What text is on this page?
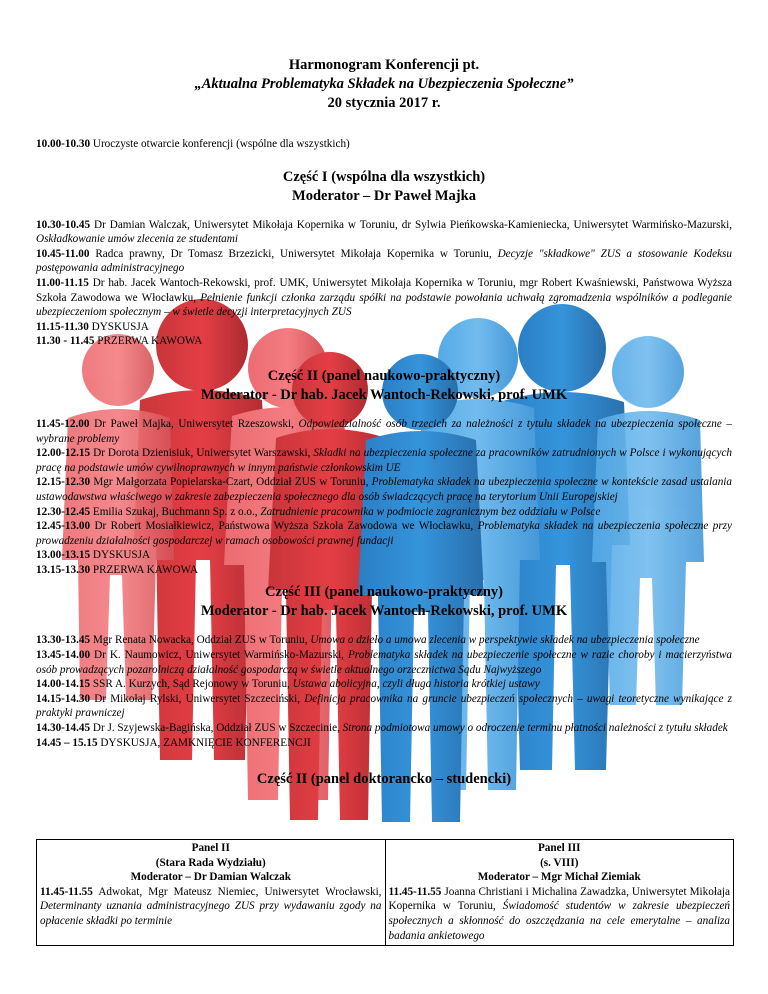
Harmonogram Konferencji pt.
„Aktualna Problematyka Składek na Ubezpieczenia Społeczne”
20 stycznia 2017 r.
10.00-10.30 Uroczyste otwarcie konferencji (wspólne dla wszystkich)
Część I (wspólna dla wszystkich)
Moderator – Dr Paweł Majka
10.30-10.45 Dr Damian Walczak, Uniwersytet Mikołaja Kopernika w Toruniu, dr Sylwia Pieńkowska-Kamieniecka, Uniwersytet Warmińsko-Mazurski, Oskładkowanie umów zlecenia ze studentami
10.45-11.00 Radca prawny, Dr Tomasz Brzezicki, Uniwersytet Mikołaja Kopernika w Toruniu, Decyzje "składkowe" ZUS a stosowanie Kodeksu postępowania administracyjnego
11.00-11.15 Dr hab. Jacek Wantoch-Rekowski, prof. UMK, Uniwersytet Mikołaja Kopernika w Toruniu, mgr Robert Kwaśniewski, Państwowa Wyższa Szkoła Zawodowa we Włocławku, Pełnienie funkcji członka zarządu spółki na podstawie powołania uchwałą zgromadzenia wspólników a podleganie ubezpieczeniom społecznym – w świetle decyzji interpretacyjnych ZUS
11.15-11.30 DYSKUSJA
11.30 - 11.45 PRZERWA KAWOWA
Część II (panel naukowo-praktyczny)
Moderator - Dr hab. Jacek Wantoch-Rekowski, prof. UMK
11.45-12.00 Dr Paweł Majka, Uniwersytet Rzeszowski, Odpowiedzialność osób trzecich za należności z tytułu składek na ubezpieczenia społeczne – wybrane problemy
12.00-12.15 Dr Dorota Dzienisiuk, Uniwersytet Warszawski, Składki na ubezpieczenia społeczne za pracowników zatrudnionych w Polsce i wykonujących pracę na podstawie umów cywilnoprawnych w innym państwie członkowskim UE
12.15-12.30 Mgr Małgorzata Popielarska-Czart, Oddział ZUS w Toruniu, Problematyka składek na ubezpieczenia społeczne w kontekście zasad ustalania ustawodawstwa właściwego w zakresie zabezpieczenia społecznego dla osób świadczących pracę na terytorium Unii Europejskiej
12.30-12.45 Emilia Szukaj, Buchmann Sp. z o.o., Zatrudnienie pracownika w podmiocie zagranicznym bez oddziału w Polsce
12.45-13.00 Dr Robert Mosiałkiewicz, Państwowa Wyższa Szkoła Zawodowa we Włocławku, Problematyka składek na ubezpieczenia społeczne przy prowadzeniu działalności gospodarczej w ramach osobowości prawnej fundacji
13.00-13.15 DYSKUSJA
13.15-13.30 PRZERWA KAWOWA
Część III (panel naukowo-praktyczny)
Moderator - Dr hab. Jacek Wantoch-Rekowski, prof. UMK
13.30-13.45 Mgr Renata Nowacka, Oddział ZUS w Toruniu, Umowa o dzieło a umowa zlecenia w perspektywie składek na ubezpieczenia społeczne
13.45-14.00 Dr K. Naumowicz, Uniwersytet Warmińsko-Mazurski, Problematyka składek na ubezpieczenie społeczne w razie choroby i macierzyństwa osób prowadzących pozarolniczą działalność gospodarczą w świetle aktualnego orzecznictwa Sądu Najwyższego
14.00-14.15 SSR A. Kurzych, Sąd Rejonowy w Toruniu, Ustawa abolicyjna, czyli długa historia krótkiej ustawy
14.15-14.30 Dr Mikołaj Rylski, Uniwersytet Szczeciński, Definicja pracownika na gruncie ubezpieczeń społecznych – uwagi teoretyczne wynikające z praktyki prawniczej
14.30-14.45 Dr J. Szyjewska-Bagińska, Oddział ZUS w Szczecinie, Strona podmiotowa umowy o odroczenie terminu płatności należności z tytułu składek
14.45 – 15.15 DYSKUSJA, ZAMKNIĘCIE KONFERENCJI
Część II (panel doktorancko – studencki)
Panel II
(Stara Rada Wydziału)
Moderator – Dr Damian Walczak
11.45-11.55 Adwokat, Mgr Mateusz Niemiec, Uniwersytet Wrocławski, Determinanty uznania administracyjnego ZUS przy wydawaniu zgody na opłacenie składki po terminie
Panel III
(s. VIII)
Moderator – Mgr Michał Ziemiak
11.45-11.55 Joanna Christiani i Michalina Zawadzka, Uniwersytet Mikołaja Kopernika w Toruniu, Świadomość studentów w zakresie ubezpieczeń społecznych a skłonność do oszczędzania na cele emerytalne – analiza badania ankietowego
